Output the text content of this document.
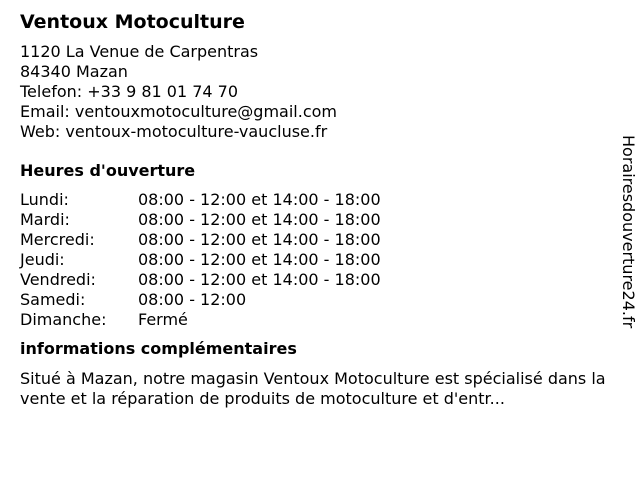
Ventoux Motoculture
1120 La Venue de Carpentras
84340 Mazan
Telefon: +33 9 81 01 74 70
Email: ventouxmotoculture@gmail.com
Web: ventoux-motoculture-vaucluse.fr
Heures d'ouverture
Lundi:	08:00 - 12:00 et 14:00 - 18:00
Mardi:	08:00 - 12:00 et 14:00 - 18:00
Mercredi:	08:00 - 12:00 et 14:00 - 18:00
Jeudi:	08:00 - 12:00 et 14:00 - 18:00
Vendredi:	08:00 - 12:00 et 14:00 - 18:00
Samedi:	08:00 - 12:00
Dimanche:	Fermé
informations complémentaires
Situé à Mazan, notre magasin Ventoux Motoculture est spécialisé dans la vente et la réparation de produits de motoculture et d'entr...
Horairesdouverture24.fr
